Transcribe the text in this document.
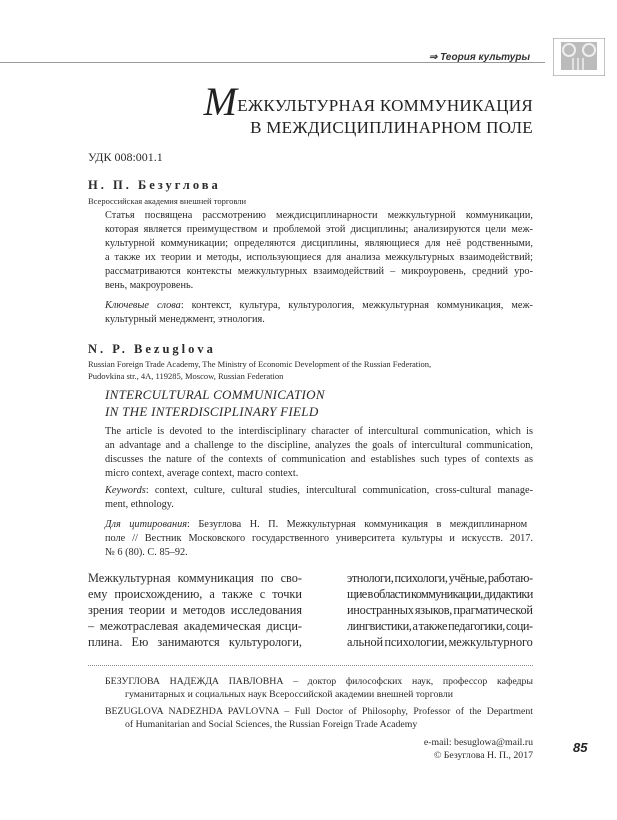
⇒ Теория культуры
МЕЖКУЛЬТУРНАЯ КОММУНИКАЦИЯ
В МЕЖДИСЦИПЛИНАРНОМ ПОЛЕ
УДК 008:001.1
Н. П. Безуглова
Всероссийская академия внешней торговли
Статья посвящена рассмотрению междисциплинарности межкультурной коммуникации,
которая является преимуществом и проблемой этой дисциплины; анализируются цели меж-
культурной коммуникации; определяются дисциплины, являющиеся для неё родственными,
а также их теории и методы, использующиеся для анализа межкультурных взаимодействий;
рассматриваются контексты межкультурных взаимодействий – микроуровень, средний уро-
вень, макроуровень.
Ключевые слова: контекст, культура, культурология, межкультурная коммуникация, меж-
культурный менеджмент, этнология.
N. P. Bezuglova
Russian Foreign Trade Academy, The Ministry of Economic Development of the Russian Federation,
Pudovkina str., 4A, 119285, Moscow, Russian Federation
INTERCULTURAL COMMUNICATION
IN THE INTERDISCIPLINARY FIELD
The article is devoted to the interdisciplinary character of intercultural communication, which is
an advantage and a challenge to the discipline, analyzes the goals of intercultural communication,
discusses the nature of the contexts of communication and establishes such types of contexts as
micro context, average context, macro context.
Keywords: context, culture, cultural studies, intercultural communication, cross-cultural manage-
ment, ethnology.
Для цитирования: Безуглова Н. П. Межкультурная коммуникация в междиплинарном
поле // Вестник Московского государственного университета культуры и искусств. 2017.
№ 6 (80). С. 85–92.
Межкультурная коммуникация по сво-
ему происхождению, а также с точки
зрения теории и методов исследования
– межотраслевая академическая дисци-
плина. Ею занимаются культурологи,
этнологи, психологи, учёные, работаю-
щие в области коммуникации, дидактики
иностранных языков, прагматической
лингвистики, а также педагогики, соци-
альной психологии, межкультурного
БЕЗУГЛОВА НАДЕЖДА ПАВЛОВНА – доктор философских наук, профессор кафедры
гуманитарных и социальных наук Всероссийской академии внешней торговли
BEZUGLOVA NADEZHDA PAVLOVNA – Full Doctor of Philosophy, Professor of the Department
of Humanitarian and Social Sciences, the Russian Foreign Trade Academy
e-mail: besuglowa@mail.ru
© Безуглова Н. П., 2017
85
